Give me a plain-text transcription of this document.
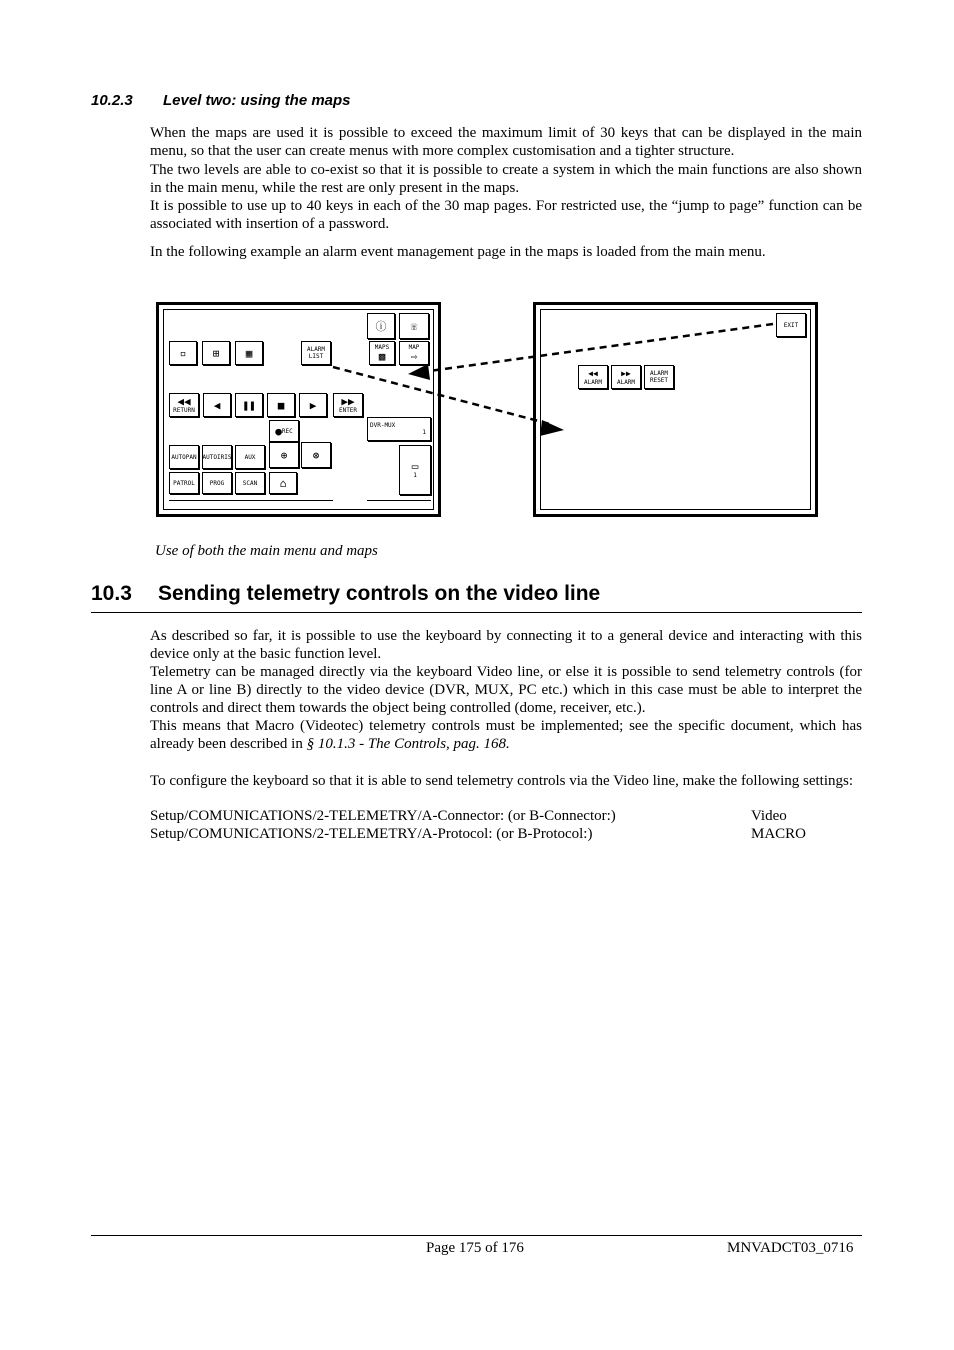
10.2.3 Level two: using the maps
When the maps are used it is possible to exceed the maximum limit of 30 keys that can be displayed in the main menu, so that the user can create menus with more complex customisation and a tighter structure.
The two levels are able to co-exist so that it is possible to create a system in which the main functions are also shown in the main menu, while the rest are only present in the maps.
It is possible to use up to 40 keys in each of the 30 map pages. For restricted use, the “jump to page” function can be associated with insertion of a password.
In the following example an alarm event management page in the maps is loaded from the main menu.
ⓘ ☏
▫ ⊞ ▦	ALARM
LIST
MAPS
▩
MAP
⇨
◀◀
RETURN ◀ ❚❚ ■ ▶ ▶▶
ENTER
● REC
DVR-MUX
1
AUTOPAN AUTOIRIS AUX ⊕ ⊛
▭
1
PATROL PROG	SCAN ⌂
EXIT
◀◀
ALARM
▶▶
ALARM
ALARM
RESET
Use of both the main menu and maps
10.3 Sending telemetry controls on the video line
As described so far, it is possible to use the keyboard by connecting it to a general device and interacting with this device only at the basic function level.
Telemetry can be managed directly via the keyboard Video line, or else it is possible to send telemetry controls (for line A or line B) directly to the video device (DVR, MUX, PC etc.) which in this case must be able to interpret the controls and direct them towards the object being controlled (dome, receiver, etc.).
This means that Macro (Videotec) telemetry controls must be implemented; see the specific document, which has already been described in § 10.1.3 - The Controls, pag. 168.
To configure the keyboard so that it is able to send telemetry controls via the Video line, make the following settings:
Setup/COMUNICATIONS/2-TELEMETRY/A-Connector: (or B-Connector:)	Video
Setup/COMUNICATIONS/2-TELEMETRY/A-Protocol: (or B-Protocol:)	MACRO
Page 175 of 176	MNVADCT03_0716
